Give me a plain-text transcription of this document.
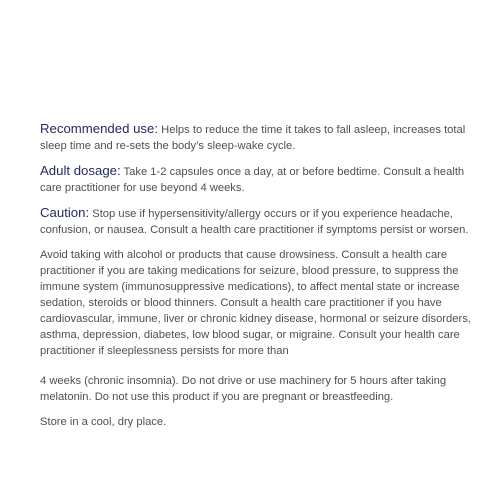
Recommended use: Helps to reduce the time it takes to fall asleep, increases total sleep time and re-sets the body’s sleep-wake cycle.

Adult dosage: Take 1-2 capsules once a day, at or before bedtime. Consult a health care practitioner for use beyond 4 weeks.

Caution: Stop use if hypersensitivity/allergy occurs or if you experience headache, confusion, or nausea. Consult a health care practitioner if symptoms persist or worsen.

Avoid taking with alcohol or products that cause drowsiness. Consult a health care practitioner if you are taking medications for seizure, blood pressure, to suppress the immune system (immunosuppressive medications), to affect mental state or increase sedation, steroids or blood thinners. Consult a health care practitioner if you have cardiovascular, immune, liver or chronic kidney disease, hormonal or seizure disorders, asthma, depression, diabetes, low blood sugar, or migraine. Consult your health care practitioner if sleeplessness persists for more than

4 weeks (chronic insomnia). Do not drive or use machinery for 5 hours after taking melatonin. Do not use this product if you are pregnant or breastfeeding.

Store in a cool, dry place.
